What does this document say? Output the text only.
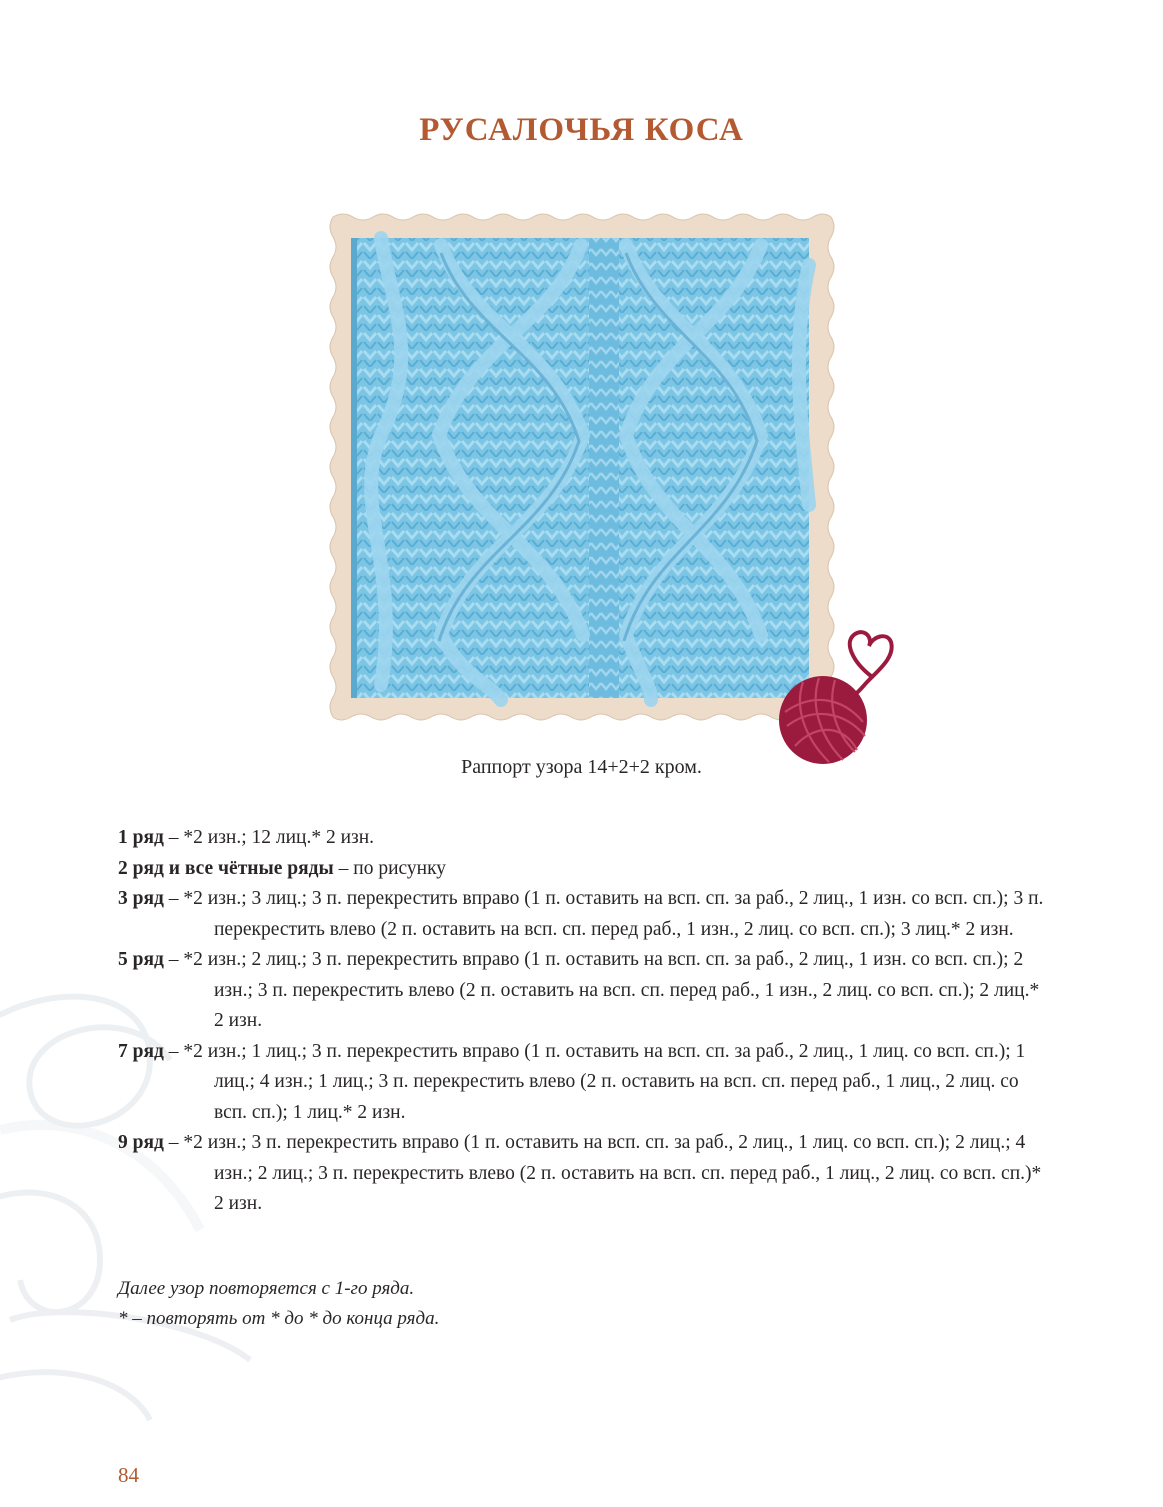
РУСАЛОЧЬЯ КОСА
Раппорт узора 14+2+2 кром.
1 ряд – *2 изн.; 12 лиц.* 2 изн.
2 ряд и все чётные ряды – по рисунку
3 ряд – *2 изн.; 3 лиц.; 3 п. перекрестить вправо (1 п. оставить на всп. сп. за раб., 2 лиц., 1 изн. со всп. сп.); 3 п. перекрестить влево (2 п. оставить на всп. сп. перед раб., 1 изн., 2 лиц. со всп. сп.); 3 лиц.* 2 изн.
5 ряд – *2 изн.; 2 лиц.; 3 п. перекрестить вправо (1 п. оставить на всп. сп. за раб., 2 лиц., 1 изн. со всп. сп.); 2 изн.; 3 п. перекрестить влево (2 п. оставить на всп. сп. перед раб., 1 изн., 2 лиц. со всп. сп.); 2 лиц.* 2 изн.
7 ряд – *2 изн.; 1 лиц.; 3 п. перекрестить вправо (1 п. оставить на всп. сп. за раб., 2 лиц., 1 лиц. со всп. сп.); 1 лиц.; 4 изн.; 1 лиц.; 3 п. перекрестить влево (2 п. оставить на всп. сп. перед раб., 1 лиц., 2 лиц. со всп. сп.); 1 лиц.* 2 изн.
9 ряд – *2 изн.; 3 п. перекрестить вправо (1 п. оставить на всп. сп. за раб., 2 лиц., 1 лиц. со всп. сп.); 2 лиц.; 4 изн.; 2 лиц.; 3 п. перекрестить влево (2 п. оставить на всп. сп. перед раб., 1 лиц., 2 лиц. со всп. сп.)* 2 изн.
Далее узор повторяется с 1-го ряда.
* – повторять от * до * до конца ряда.
84
